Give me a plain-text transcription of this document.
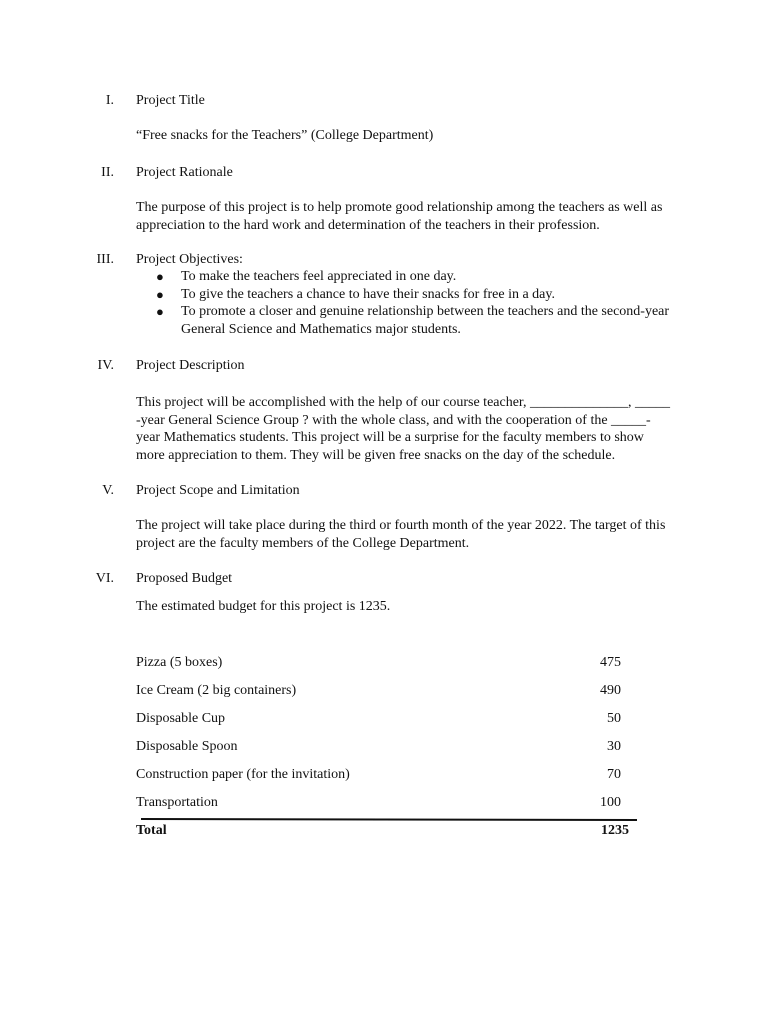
I. Project Title
“Free snacks for the Teachers” (College Department)
II. Project Rationale
The purpose of this project is to help promote good relationship among the teachers as well as appreciation to the hard work and determination of the teachers in their profession.
III. Project Objectives:
● To make the teachers feel appreciated in one day.
● To give the teachers a chance to have their snacks for free in a day.
● To promote a closer and genuine relationship between the teachers and the second-year General Science and Mathematics major students.
IV. Project Description
This project will be accomplished with the help of our course teacher, ______________, _____ -year General Science Group ? with the whole class, and with the cooperation of the _____-year Mathematics students. This project will be a surprise for the faculty members to show more appreciation to them. They will be given free snacks on the day of the schedule.
V. Project Scope and Limitation
The project will take place during the third or fourth month of the year 2022. The target of this project are the faculty members of the College Department.
VI. Proposed Budget
The estimated budget for this project is 1235.
Pizza (5 boxes)	475
Ice Cream (2 big containers)	490
Disposable Cup	50
Disposable Spoon	30
Construction paper (for the invitation)	70
Transportation	100
Total	1235
